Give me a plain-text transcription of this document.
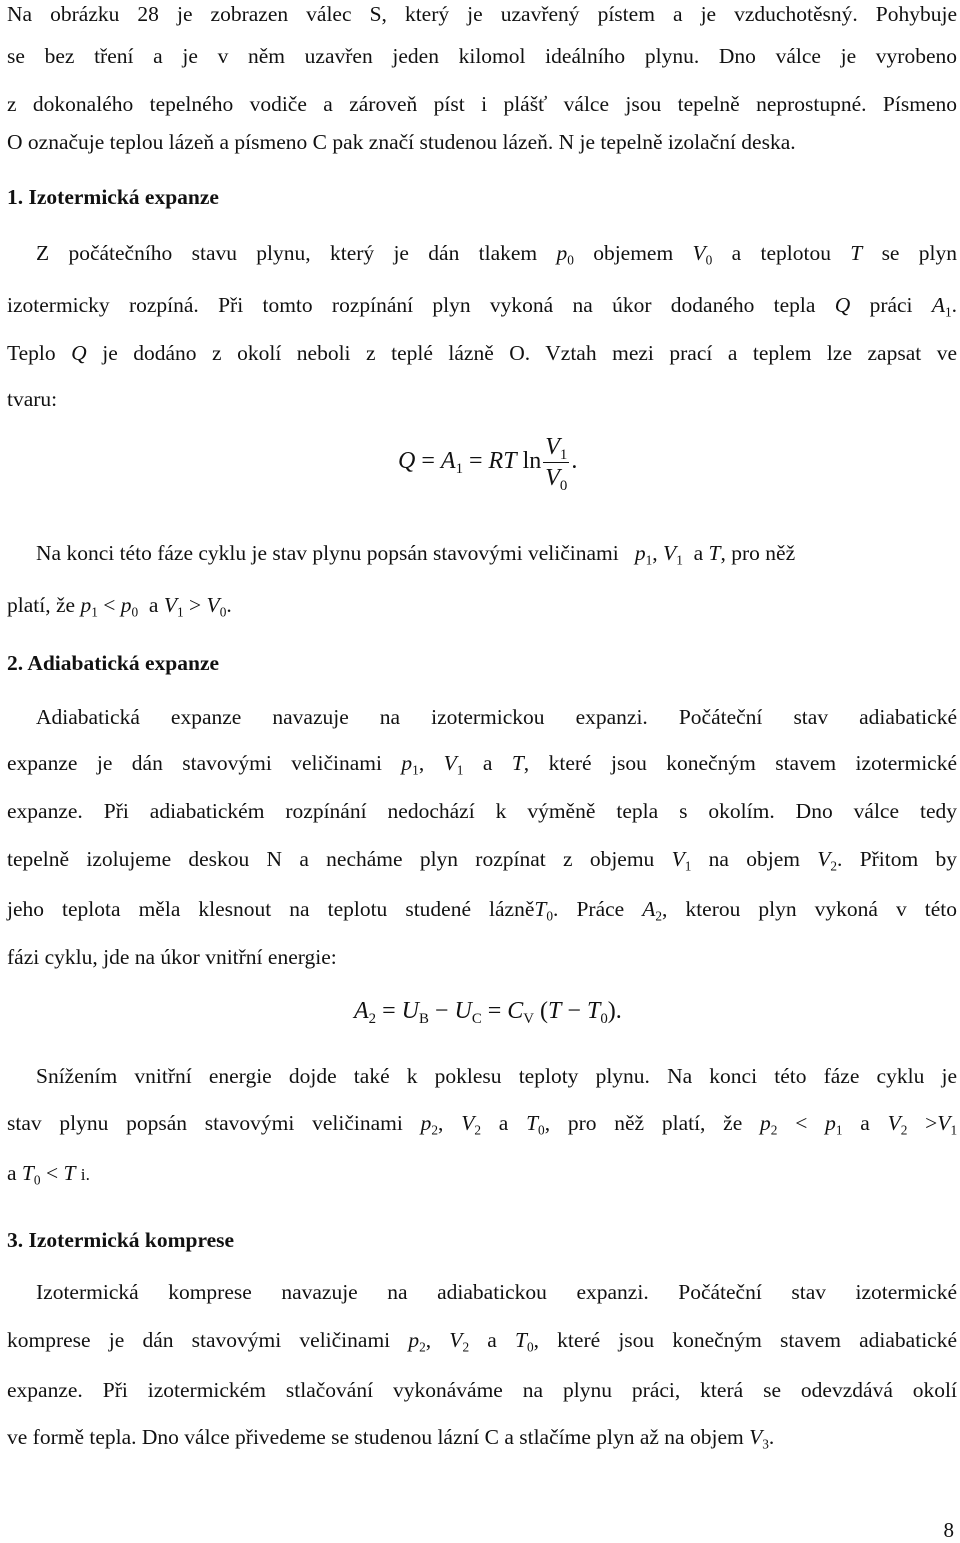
Na obrázku 28 je zobrazen válec S, který je uzavřený pístem a je vzduchotěsný. Pohybuje
se bez tření a je v něm uzavřen jeden kilomol ideálního plynu. Dno válce je vyrobeno
z dokonalého tepelného vodiče a zároveň píst i plášť válce jsou tepelně neprostupné. Písmeno
O označuje teplou lázeň a písmeno C pak značí studenou lázeň. N je tepelně izolační deska.
1. Izotermická expanze
Z počátečního stavu plynu, který je dán tlakem $p_0$ objemem $V_0$ a teplotou T se plyn
izotermicky rozpíná. Při tomto rozpínání plyn vykoná na úkor dodaného tepla Q práci $A_1$.
Teplo Q je dodáno z okolí neboli z teplé lázně O. Vztah mezi prací a teplem lze zapsat ve
tvaru:
$Q = A_1$ = RT $\ln \frac{V_1}{V_0}$ .
Na konci této fáze cyklu je stav plynu popsán stavovými veličinami $p_1$, $V_1$ a T, pro něž
platí, že $p_1 < p_0$ a $V_1 > V_0$.
2. Adiabatická expanze
Adiabatická expanze navazuje na izotermickou expanzi. Počáteční stav adiabatické
expanze je dán stavovými veličinami $p_1$, $V_1$ a T, které jsou konečným stavem izotermické
expanze. Při adiabatickém rozpínání nedochází k výměně tepla s okolím. Dno válce tedy
tepelně izolujeme deskou N a necháme plyn rozpínat z objemu $V_1$ na objem $V_2$. Přitom by
jeho teplota měla klesnout na teplotu studené lázněT$_0$. Práce $A_2$, kterou plyn vykoná v této
fázi cyklu, jde na úkor vnitřní energie:
$A_2 = U_B - U_C = C_V$ $(T - T_0)$.
Snížením vnitřní energie dojde také k poklesu teploty plynu. Na konci této fáze cyklu je
stav plynu popsán stavovými veličinami $p_2$, $V_2$ a $T_0$, pro něž platí, že $p_2 < p_1$ a $V_2 >V_1$
a $T_0 < T$ i.
3. Izotermická komprese
Izotermická komprese navazuje na adiabatickou expanzi. Počáteční stav izotermické
komprese je dán stavovými veličinami $p_2$, $V_2$ a $T_0$, které jsou konečným stavem adiabatické
expanze. Při izotermickém stlačování vykonáváme na plynu práci, která se odevzdává okolí
ve formě tepla. Dno válce přivedeme se studenou lázní C a stlačíme plyn až na objem $V_3$.
8
